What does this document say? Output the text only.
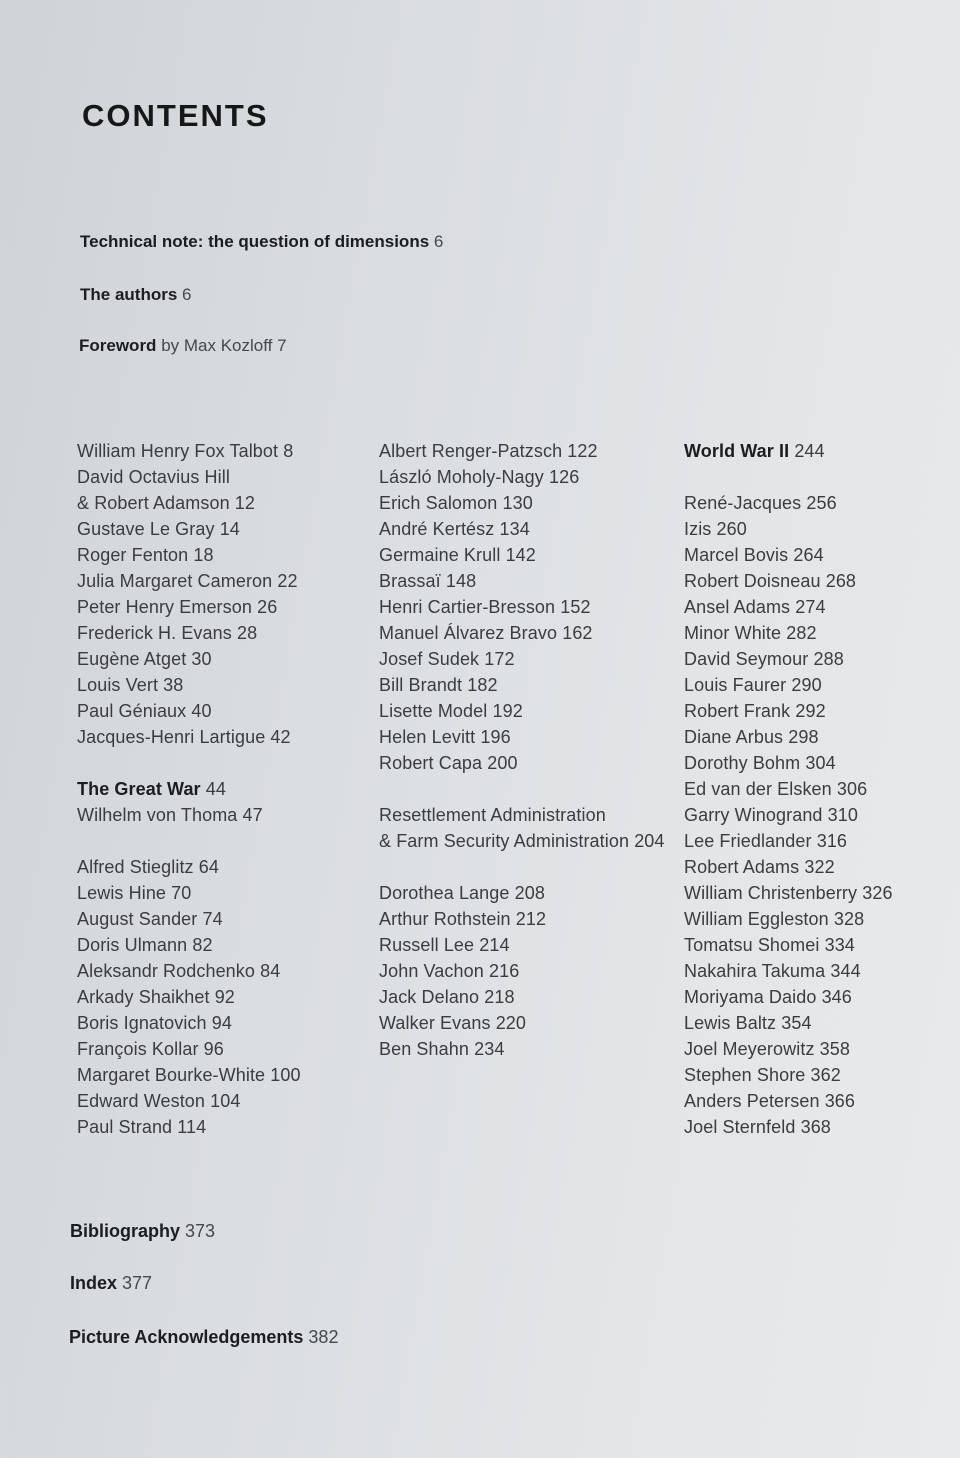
CONTENTS
Technical note: the question of dimensions 6
The authors 6
Foreword by Max Kozloff 7
William Henry Fox Talbot 8
David Octavius Hill
& Robert Adamson 12
Gustave Le Gray 14
Roger Fenton 18
Julia Margaret Cameron 22
Peter Henry Emerson 26
Frederick H. Evans 28
Eugène Atget 30
Louis Vert 38
Paul Géniaux 40
Jacques-Henri Lartigue 42
The Great War 44
Wilhelm von Thoma 47
Alfred Stieglitz 64
Lewis Hine 70
August Sander 74
Doris Ulmann 82
Aleksandr Rodchenko 84
Arkady Shaikhet 92
Boris Ignatovich 94
François Kollar 96
Margaret Bourke-White 100
Edward Weston 104
Paul Strand 114
Albert Renger-Patzsch 122
László Moholy-Nagy 126
Erich Salomon 130
André Kertész 134
Germaine Krull 142
Brassaï 148
Henri Cartier-Bresson 152
Manuel Álvarez Bravo 162
Josef Sudek 172
Bill Brandt 182
Lisette Model 192
Helen Levitt 196
Robert Capa 200
Resettlement Administration
& Farm Security Administration 204
Dorothea Lange 208
Arthur Rothstein 212
Russell Lee 214
John Vachon 216
Jack Delano 218
Walker Evans 220
Ben Shahn 234
World War II 244
René-Jacques 256
Izis 260
Marcel Bovis 264
Robert Doisneau 268
Ansel Adams 274
Minor White 282
David Seymour 288
Louis Faurer 290
Robert Frank 292
Diane Arbus 298
Dorothy Bohm 304
Ed van der Elsken 306
Garry Winogrand 310
Lee Friedlander 316
Robert Adams 322
William Christenberry 326
William Eggleston 328
Tomatsu Shomei 334
Nakahira Takuma 344
Moriyama Daido 346
Lewis Baltz 354
Joel Meyerowitz 358
Stephen Shore 362
Anders Petersen 366
Joel Sternfeld 368
Bibliography 373
Index 377
Picture Acknowledgements 382
